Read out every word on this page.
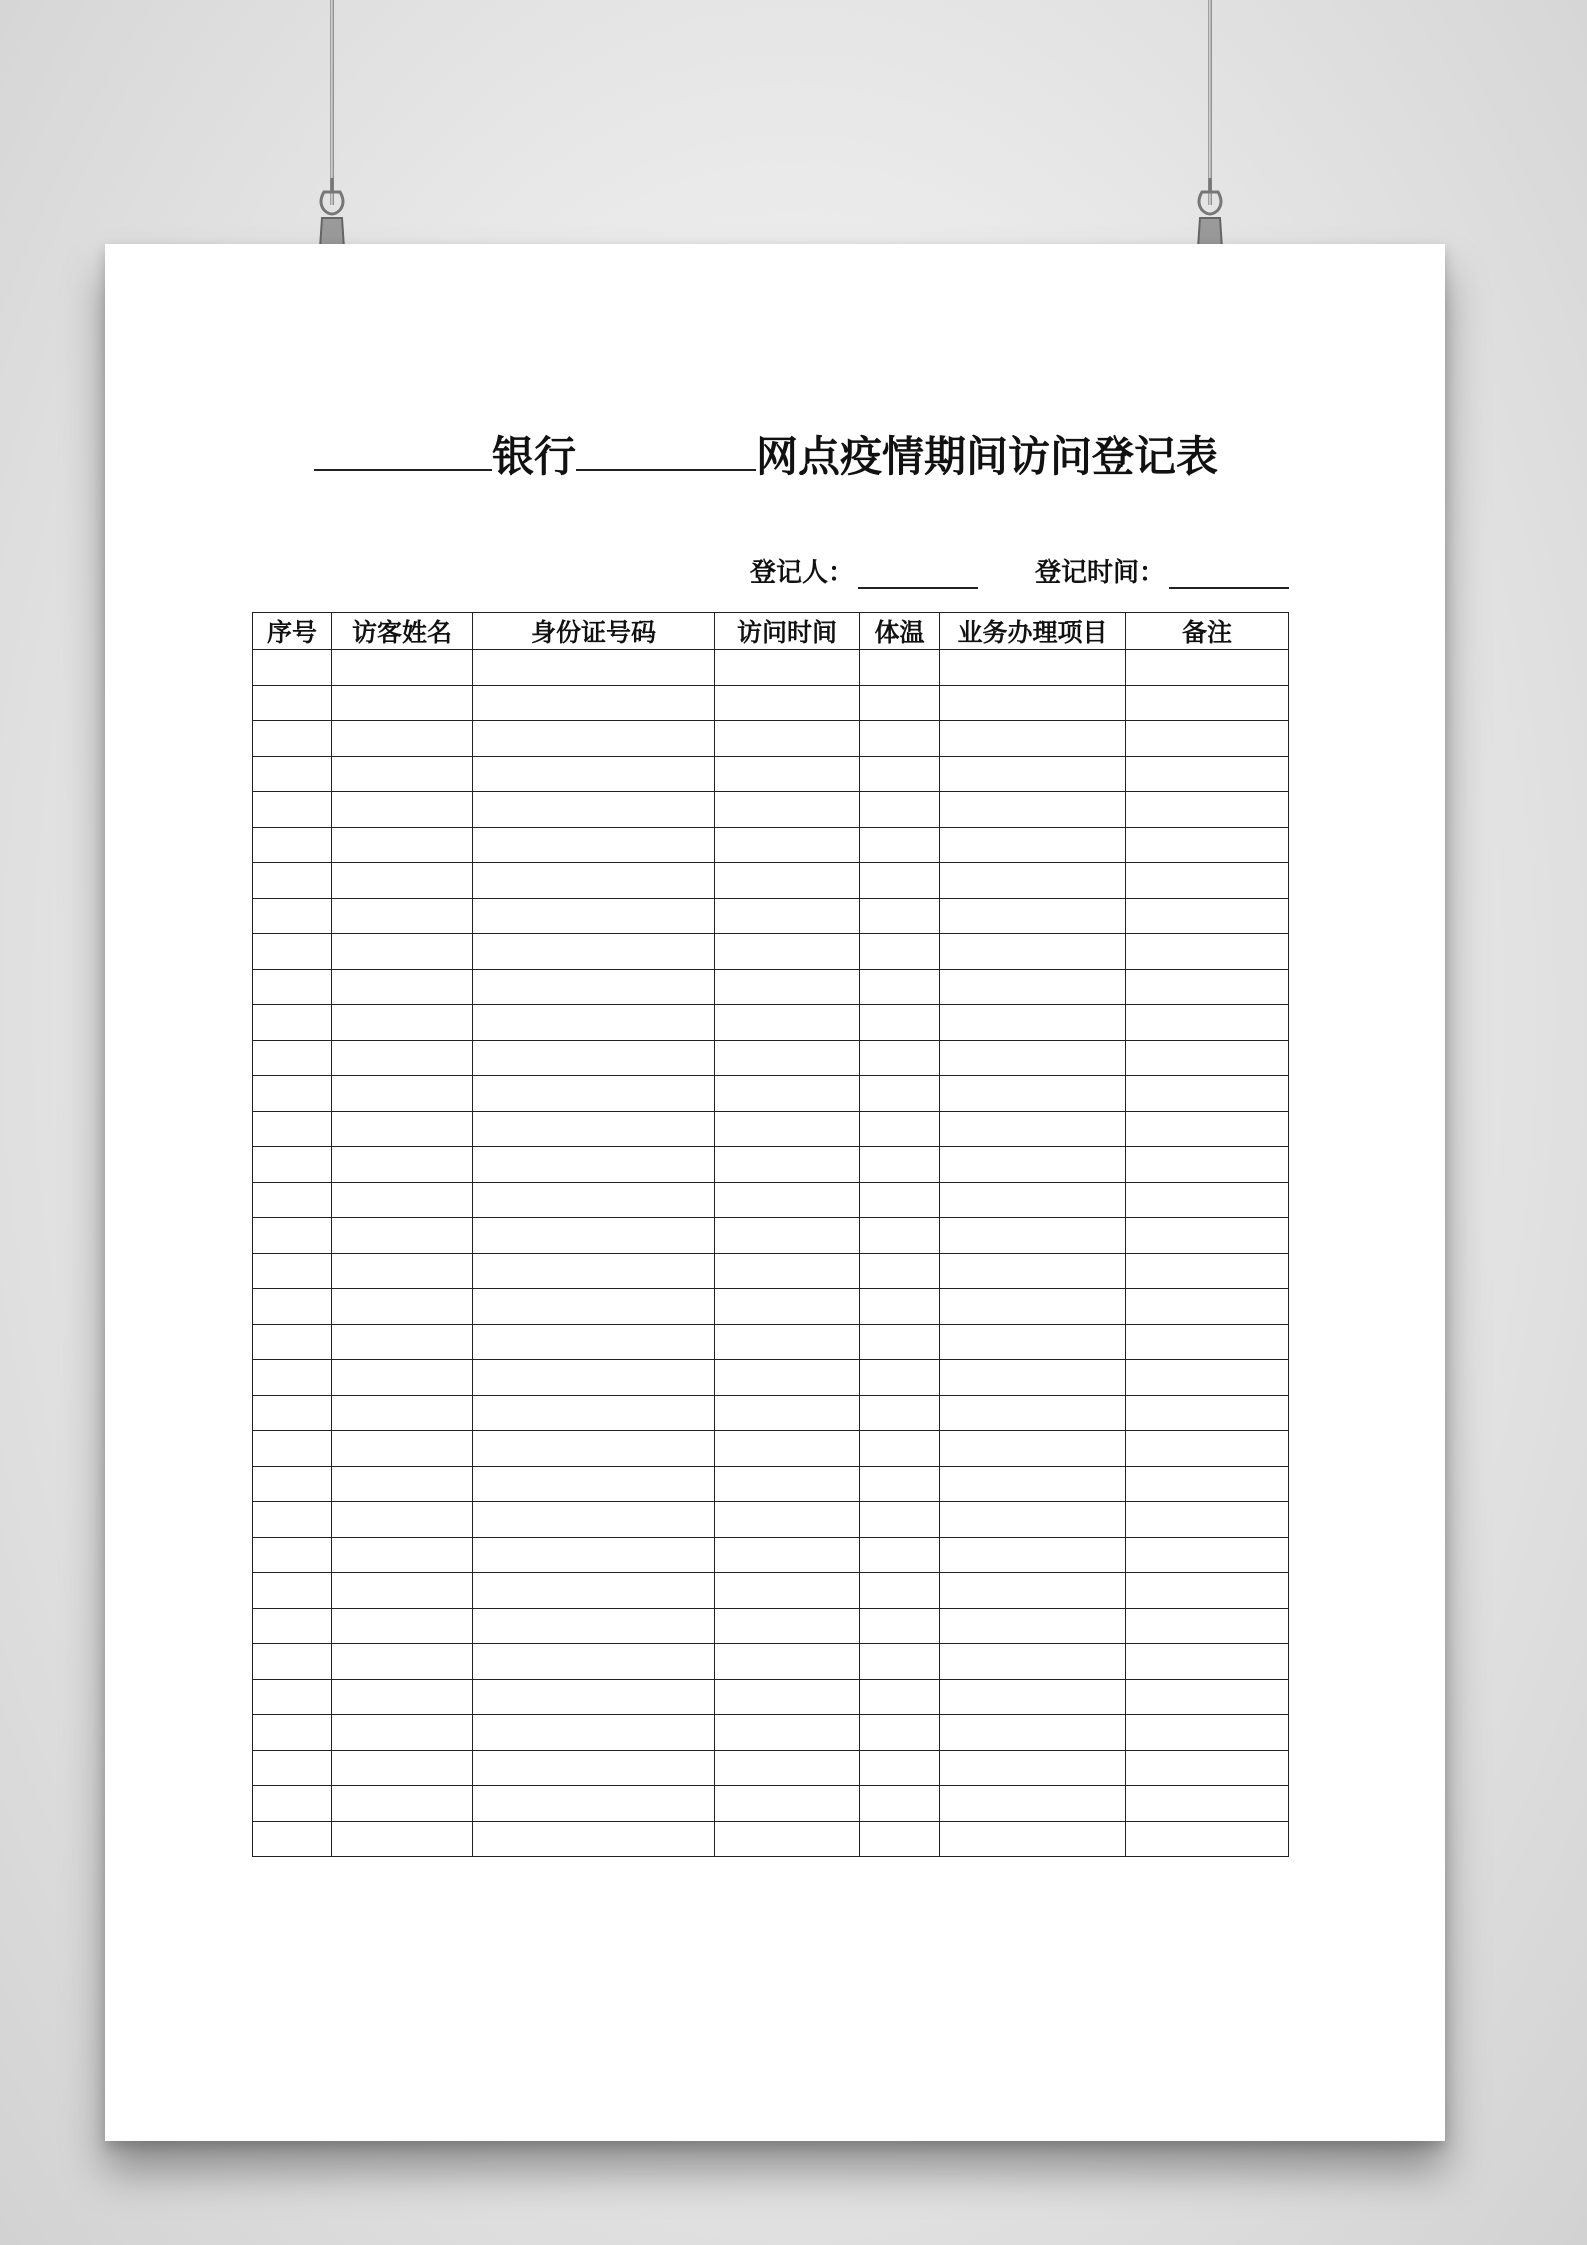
银行	网点疫情期间访问登记表
登记人：	登记时间：
序号	访客姓名	身份证号码	访问时间	体温	业务办理项目	备注
